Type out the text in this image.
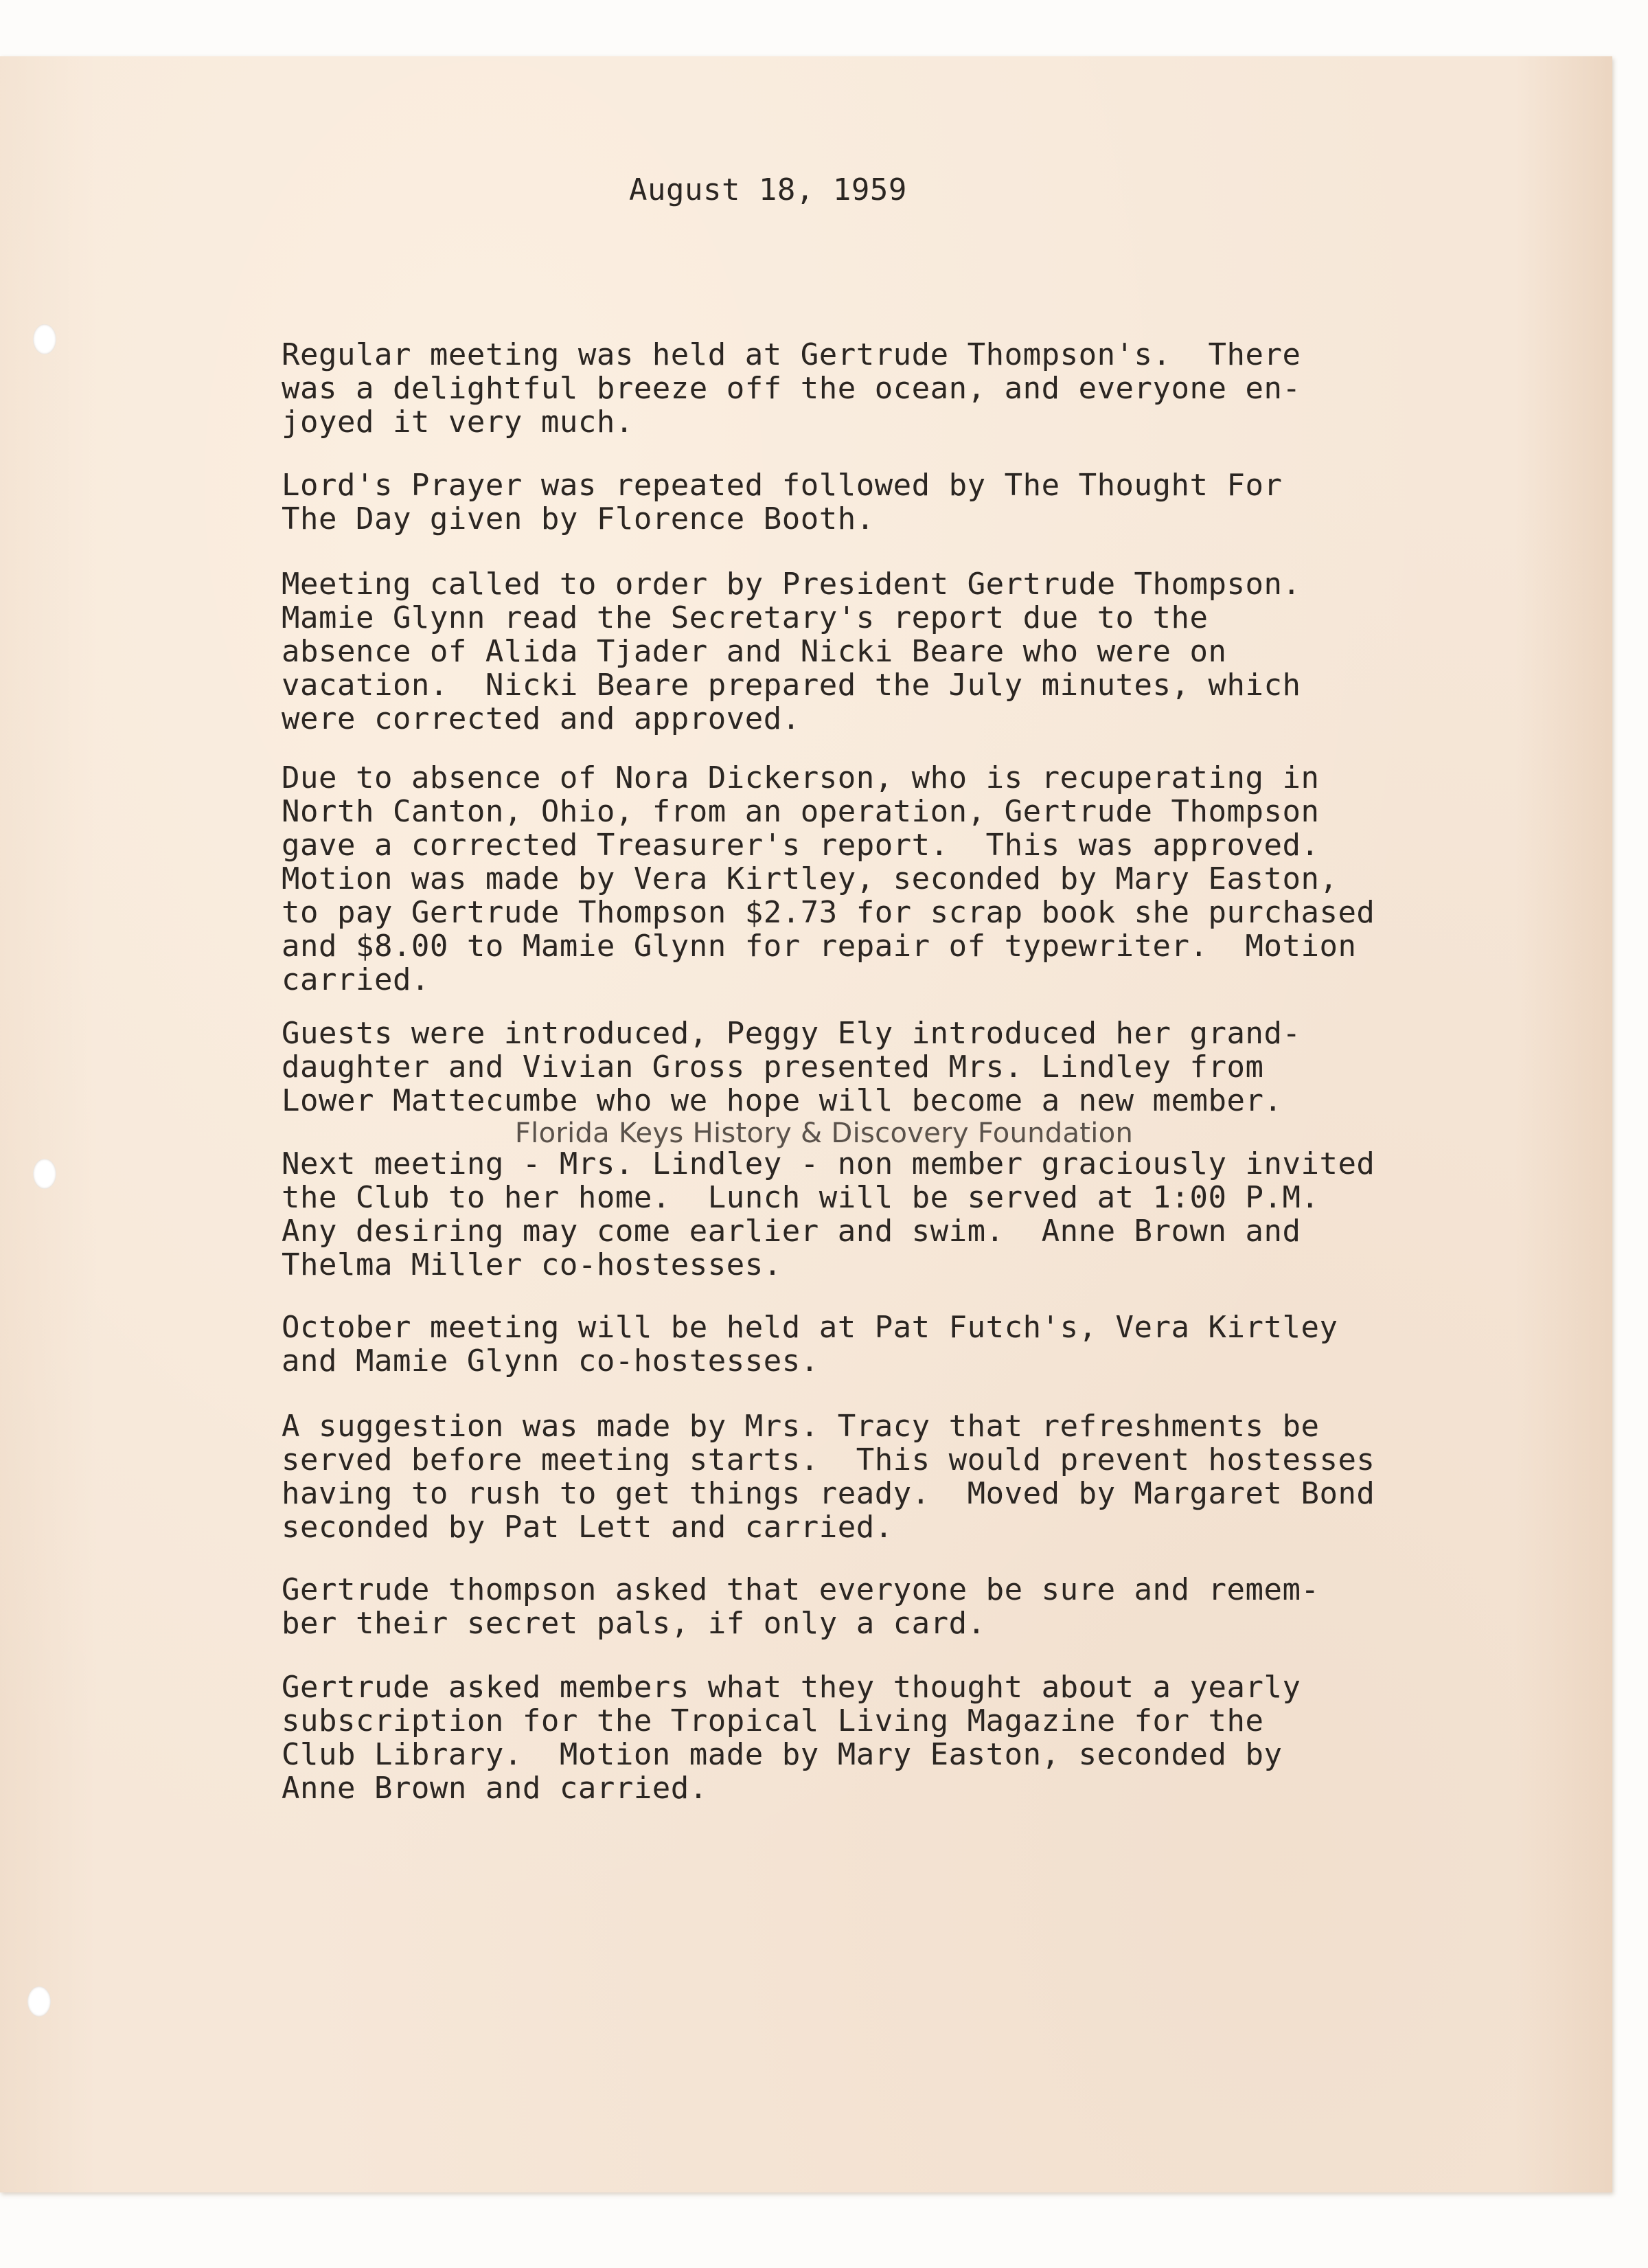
August 18, 1959
Regular meeting was held at Gertrude Thompson's.  There
was a delightful breeze off the ocean, and everyone en-
joyed it very much.
Lord's Prayer was repeated followed by The Thought For
The Day given by Florence Booth.
Meeting called to order by President Gertrude Thompson.
Mamie Glynn read the Secretary's report due to the
absence of Alida Tjader and Nicki Beare who were on
vacation.  Nicki Beare prepared the July minutes, which
were corrected and approved.
Due to absence of Nora Dickerson, who is recuperating in
North Canton, Ohio, from an operation, Gertrude Thompson
gave a corrected Treasurer's report.  This was approved.
Motion was made by Vera Kirtley, seconded by Mary Easton,
to pay Gertrude Thompson $2.73 for scrap book she purchased
and $8.00 to Mamie Glynn for repair of typewriter.  Motion
carried.
Guests were introduced, Peggy Ely introduced her grand-
daughter and Vivian Gross presented Mrs. Lindley from
Lower Mattecumbe who we hope will become a new member.
Florida Keys History & Discovery Foundation
Next meeting - Mrs. Lindley - non member graciously invited
the Club to her home.  Lunch will be served at 1:00 P.M.
Any desiring may come earlier and swim.  Anne Brown and
Thelma Miller co-hostesses.
October meeting will be held at Pat Futch's, Vera Kirtley
and Mamie Glynn co-hostesses.
A suggestion was made by Mrs. Tracy that refreshments be
served before meeting starts.  This would prevent hostesses
having to rush to get things ready.  Moved by Margaret Bond
seconded by Pat Lett and carried.
Gertrude thompson asked that everyone be sure and remem-
ber their secret pals, if only a card.
Gertrude asked members what they thought about a yearly
subscription for the Tropical Living Magazine for the
Club Library.  Motion made by Mary Easton, seconded by
Anne Brown and carried.
